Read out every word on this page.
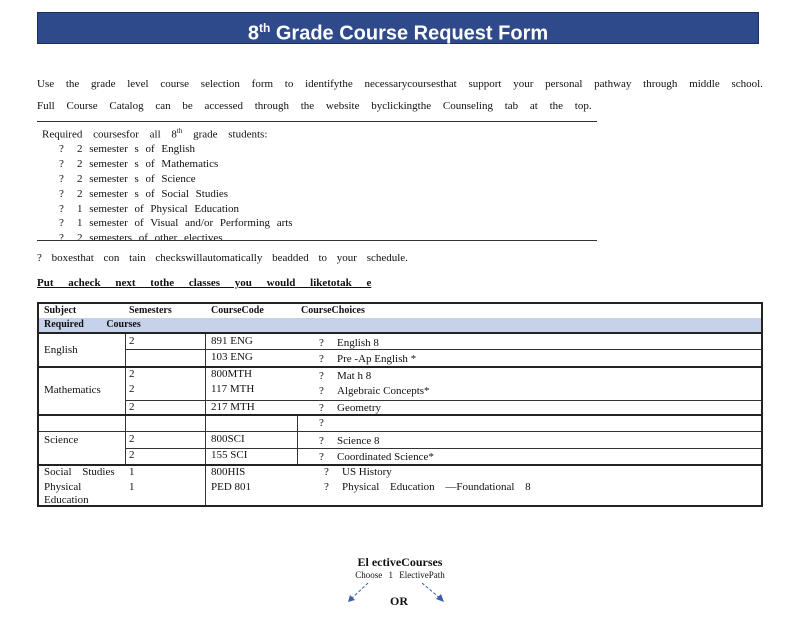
8th Grade Course Request Form
Use the grade level course selection form to identifythe necessarycoursesthat support your personal pathway through middle school.
Full Course Catalog can be accessed through the website byclickingthe Counseling tab at the top.
Required coursesfor all 8th grade students:
? 2 semester s of English
? 2 semester s of Mathematics
? 2 semester s of Science
? 2 semester s of Social Studies
? 1 semester of Physical Education
? 1 semester of Visual and/or Performing arts
? 2 semesters of other electives
? boxesthat con tain checkswillautomatically beadded to your schedule.
Put acheck next tothe classes you would liketotak e
Subject	Semesters	CourseCode	CourseChoices
Required Courses
English
2	891 ENG	? English 8
103 ENG	? Pre -Ap English *
Mathematics
2	800MTH	? Mat h 8
2	117 MTH	? Algebraic Concepts*
2	217 MTH	? Geometry
?
Science	2	800SCI	? Science 8
2	155 SCI	? Coordinated Science*
Social Studies 1	800HIS	? US History
Physical
Education
1	PED 801	? Physical Education —Foundational 8
El ectiveCourses
Choose 1 ElectivePath
OR
